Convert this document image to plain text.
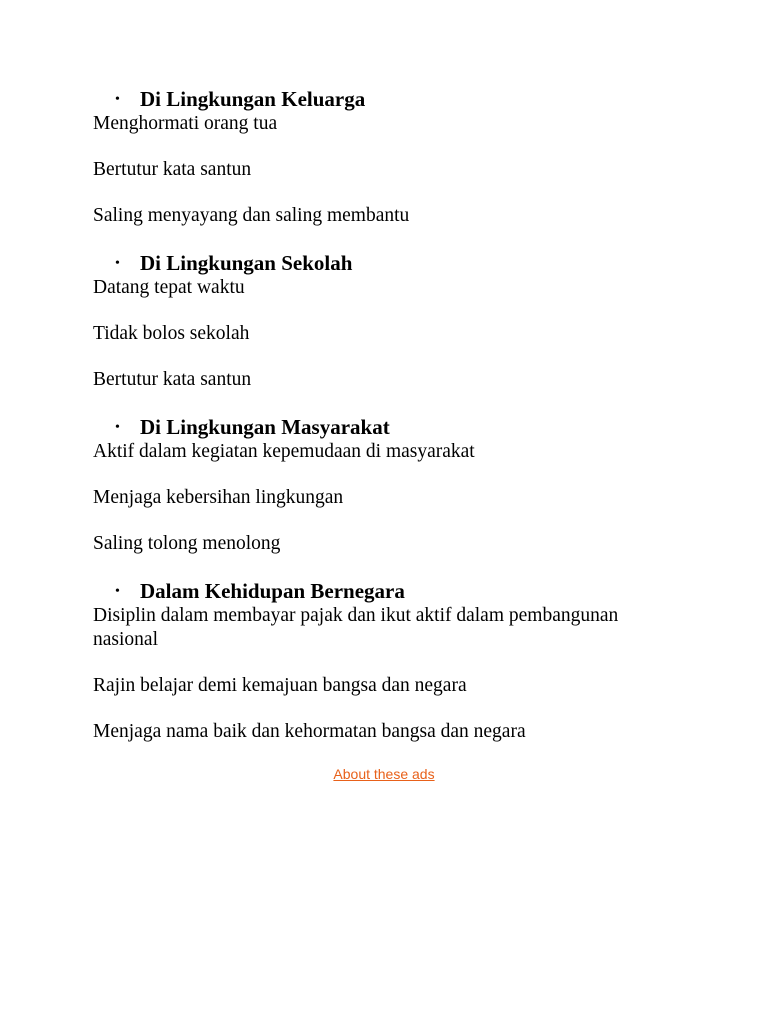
• Di Lingkungan Keluarga

Menghormati orang tua

Bertutur kata santun

Saling menyayang dan saling membantu

• Di Lingkungan Sekolah

Datang tepat waktu

Tidak bolos sekolah

Bertutur kata santun

• Di Lingkungan Masyarakat

Aktif dalam kegiatan kepemudaan di masyarakat

Menjaga kebersihan lingkungan

Saling tolong menolong

• Dalam Kehidupan Bernegara

Disiplin dalam membayar pajak dan ikut aktif dalam pembangunan nasional

Rajin belajar demi kemajuan bangsa dan negara

Menjaga nama baik dan kehormatan bangsa dan negara

About these ads
